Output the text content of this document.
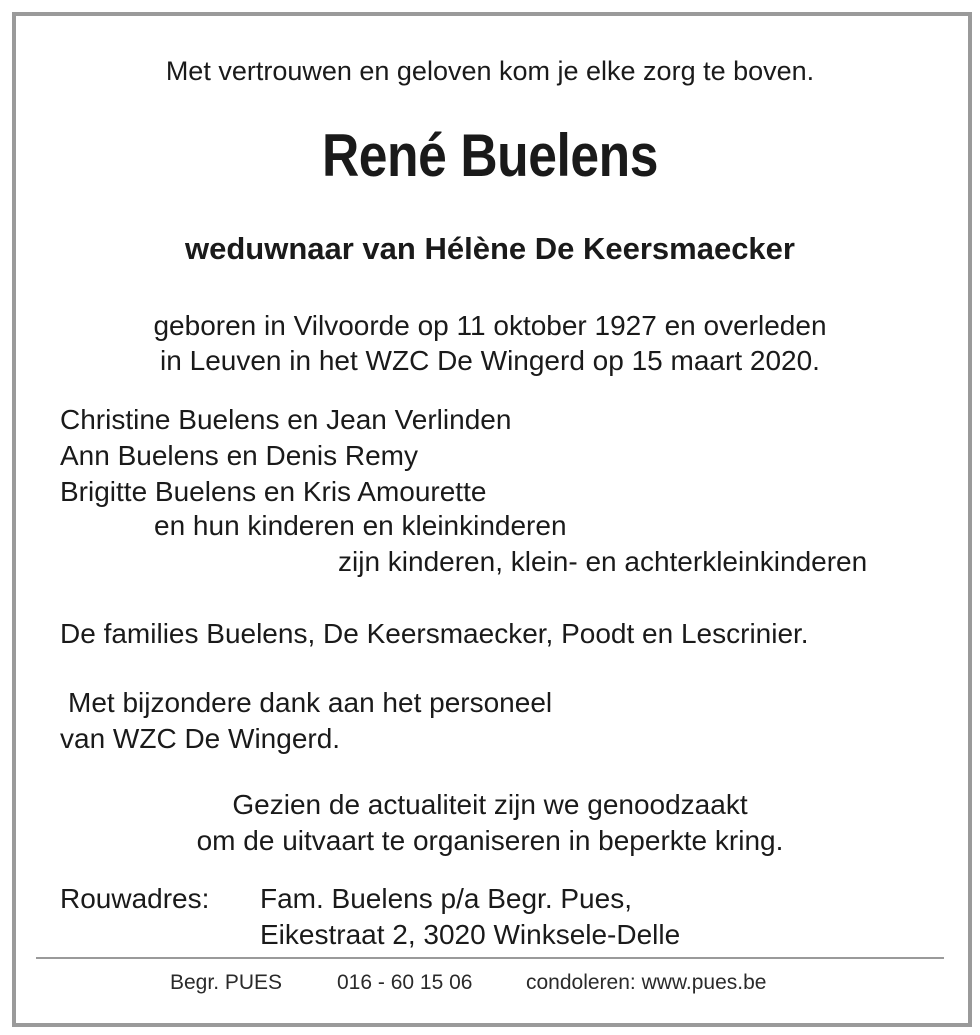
Met vertrouwen en geloven kom je elke zorg te boven.
René Buelens
weduwnaar van Hélène De Keersmaecker
geboren in Vilvoorde op 11 oktober 1927 en overleden
in Leuven in het WZC De Wingerd op 15 maart 2020.
Christine Buelens en Jean Verlinden
Ann Buelens en Denis Remy
Brigitte Buelens en Kris Amourette
en hun kinderen en kleinkinderen
zijn kinderen, klein- en achterkleinkinderen
De families Buelens, De Keersmaecker, Poodt en Lescrinier.
Met bijzondere dank aan het personeel
van WZC De Wingerd.
Gezien de actualiteit zijn we genoodzaakt
om de uitvaart te organiseren in beperkte kring.
Rouwadres: Fam. Buelens p/a Begr. Pues,
Eikestraat 2, 3020 Winksele-Delle
Begr. PUES	016 - 60 15 06	condoleren: www.pues.be
